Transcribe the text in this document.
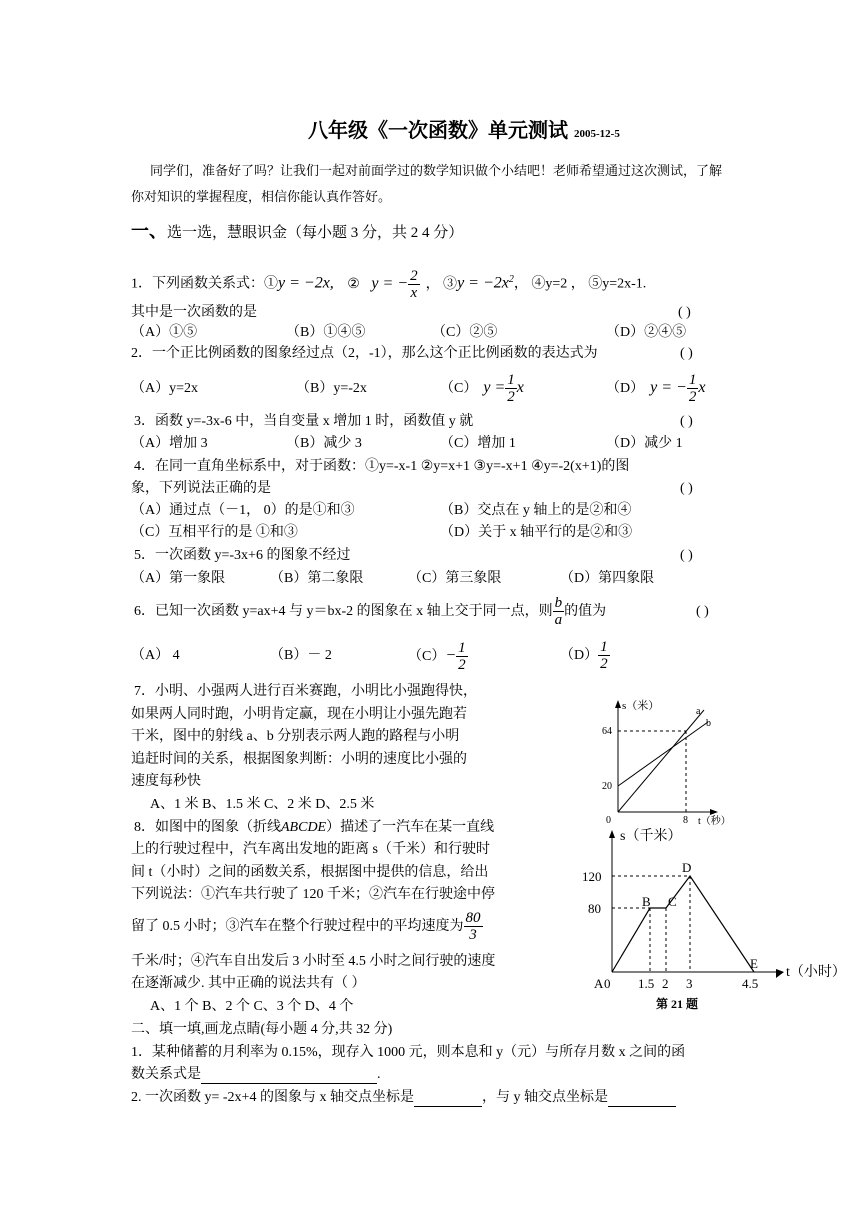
八年级《一次函数》单元测试 2005-12-5
同学们，准备好了吗？让我们一起对前面学过的数学知识做个小结吧！老师希望通过这次测试，了解
你对知识的掌握程度，相信你能认真作答好。
一、选一选，慧眼识金（每小题 3 分，共 2 4 分）
1．下列函数关系式：①y = −2x, ② y = − $\frac{2}{x}$ ， ③y = $-2x^2$， ④y=2 ， ⑤y=2x-1.
其中是一次函数的是	( )
（A）①⑤	（B）①④⑤	（C）②⑤	（D）②④⑤
2．一个正比例函数的图象经过点（2，-1），那么这个正比例函数的表达式为	( )
（A）y=2x	（B）y=-2x	（C） $y = \frac{1}{2}$ x	（D） y = − $\frac{1}{2}$ x
3．函数 y=-3x-6 中，当自变量 x 增加 1 时，函数值 y 就	( )
（A）增加 3	（B）减少 3	（C）增加 1	（D）减少 1
4．在同一直角坐标系中，对于函数：①y=-x-1 ②y=x+1 ③y=-x+1 ④y=-2(x+1)的图
象，下列说法正确的是	( )
（A）通过点（－1， 0）的是①和③	（B）交点在 y 轴上的是②和④
（C）互相平行的是 ①和③	（D）关于 x 轴平行的是②和③
5．一次函数 y=-3x+6 的图象不经过	( )
（A）第一象限	（B）第二象限	（C）第三象限	（D）第四象限
6．已知一次函数 y=ax+4 与 y＝bx-2 的图象在 x 轴上交于同一点，则 $\frac{b}{a}$ 的值为	( )
（A） 4	（B）－ 2	$(C)- \frac{1}{2}$	$(D) \frac{1}{2}$
7．小明、小强两人进行百米赛跑，小明比小强跑得快，
如果两人同时跑，小明肯定赢，现在小明让小强先跑若
干米，图中的射线 a、b 分别表示两人跑的路程与小明
追赶时间的关系，根据图象判断：小明的速度比小强的
速度每秒快
A、1 米 B、1.5 米 C、2 米 D、2.5 米
s（米）
t（秒）
64
20
8
0
a
b
8．如图中的图象（折线ABCDE）描述了一汽车在某一直线
上的行驶过程中，汽车离出发地的距离 s（千米）和行驶时
间 t（小时）之间的函数关系，根据图中提供的信息，给出
下列说法：①汽车共行驶了 120 千米；②汽车在行驶途中停
留了 0.5 小时；③汽车在整个行驶过程中的平均速度为 $\frac{80}{3}$
千米/时；④汽车自出发后 3 小时至 4.5 小时之间行驶的速度
在逐渐减少. 其中正确的说法共有（ ）
A、1 个 B、2 个 C、3 个 D、4 个
s（千米）
t（小时）
120
80
1.5 2 3	4.5
A 0
B C
D
E
第 21 题
二、填一填,画龙点睛(每小题 4 分,共 32 分)
1．某种储蓄的月利率为 0.15%，现存入 1000 元，则本息和 y（元）与所存月数 x 之间的函
数关系式是	.
2. 一次函数 y= -2x+4 的图象与 x 轴交点坐标是	，与 y 轴交点坐标是
